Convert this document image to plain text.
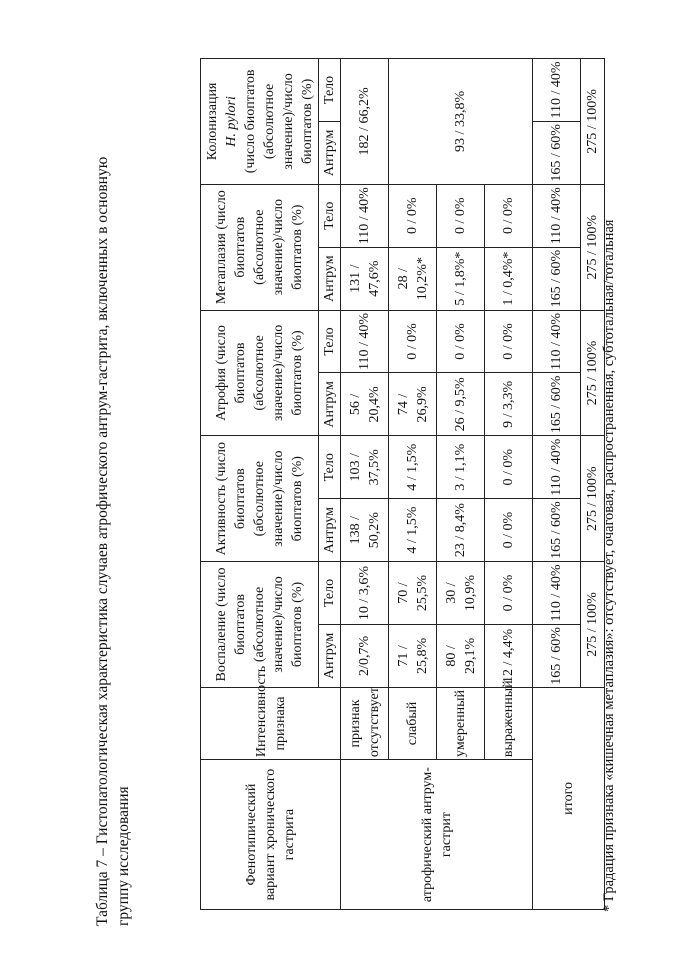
Таблица 7 – Гистопатологическая характеристика случаев атрофического антрум-гастрита, включенных в основную группу исследования	Фенотипический вариант хронического гастрита	Интенсивность признака	Воспаление (число биоптатов (абсолютное значение)/число биоптатов (%)		Активность (число биоптатов (абсолютное значение)/число биоптатов (%)		Атрофия (число биоптатов (абсолютное значение)/число биоптатов (%)		Метаплазия (число биоптатов (абсолютное значение)/число биоптатов (%)		Колонизация H. pylori (число биоптатов (абсолютное значение)/число биоптатов (%)	
		Антрум	Тело	Антрум	Тело	Антрум	Тело	Антрум	Тело	Антрум	Тело
атрофический антрум-гастрит	признак отсутствует	2/0,7%	10 / 3,6%	138 / 50,2%	103 / 37,5%	56 / 20,4%	110 / 40%	131 / 47,6%	110 / 40%	182 / 66,2%	
	слабый	71 / 25,8%	70 / 25,5%	4 / 1,5%	4 / 1,5%	74 / 26,9%	0 / 0%	28 / 10,2%*	0 / 0%	93 / 33,8%	
	умеренный	80 / 29,1%	30 / 10,9%	23 / 8,4%	3 / 1,1%	26 / 9,5%	0 / 0%	5 / 1,8%*	0 / 0%		
	выраженный	12 / 4,4%	0 / 0%	0 / 0%	0 / 0%	9 / 3,3%	0 / 0%	1 / 0,4%*	0 / 0%		
итого		165 / 60%	110 / 40%	165 / 60%	110 / 40%	165 / 60%	110 / 40%	165 / 60%	110 / 40%	165 / 60%	110 / 40%
		275 / 100%		275 / 100%		275 / 100%		275 / 100%		275 / 100%	
* Градация признака «кишечная метаплазия»: отсутствует, очаговая, распространенная, субтотальная/тотальная
